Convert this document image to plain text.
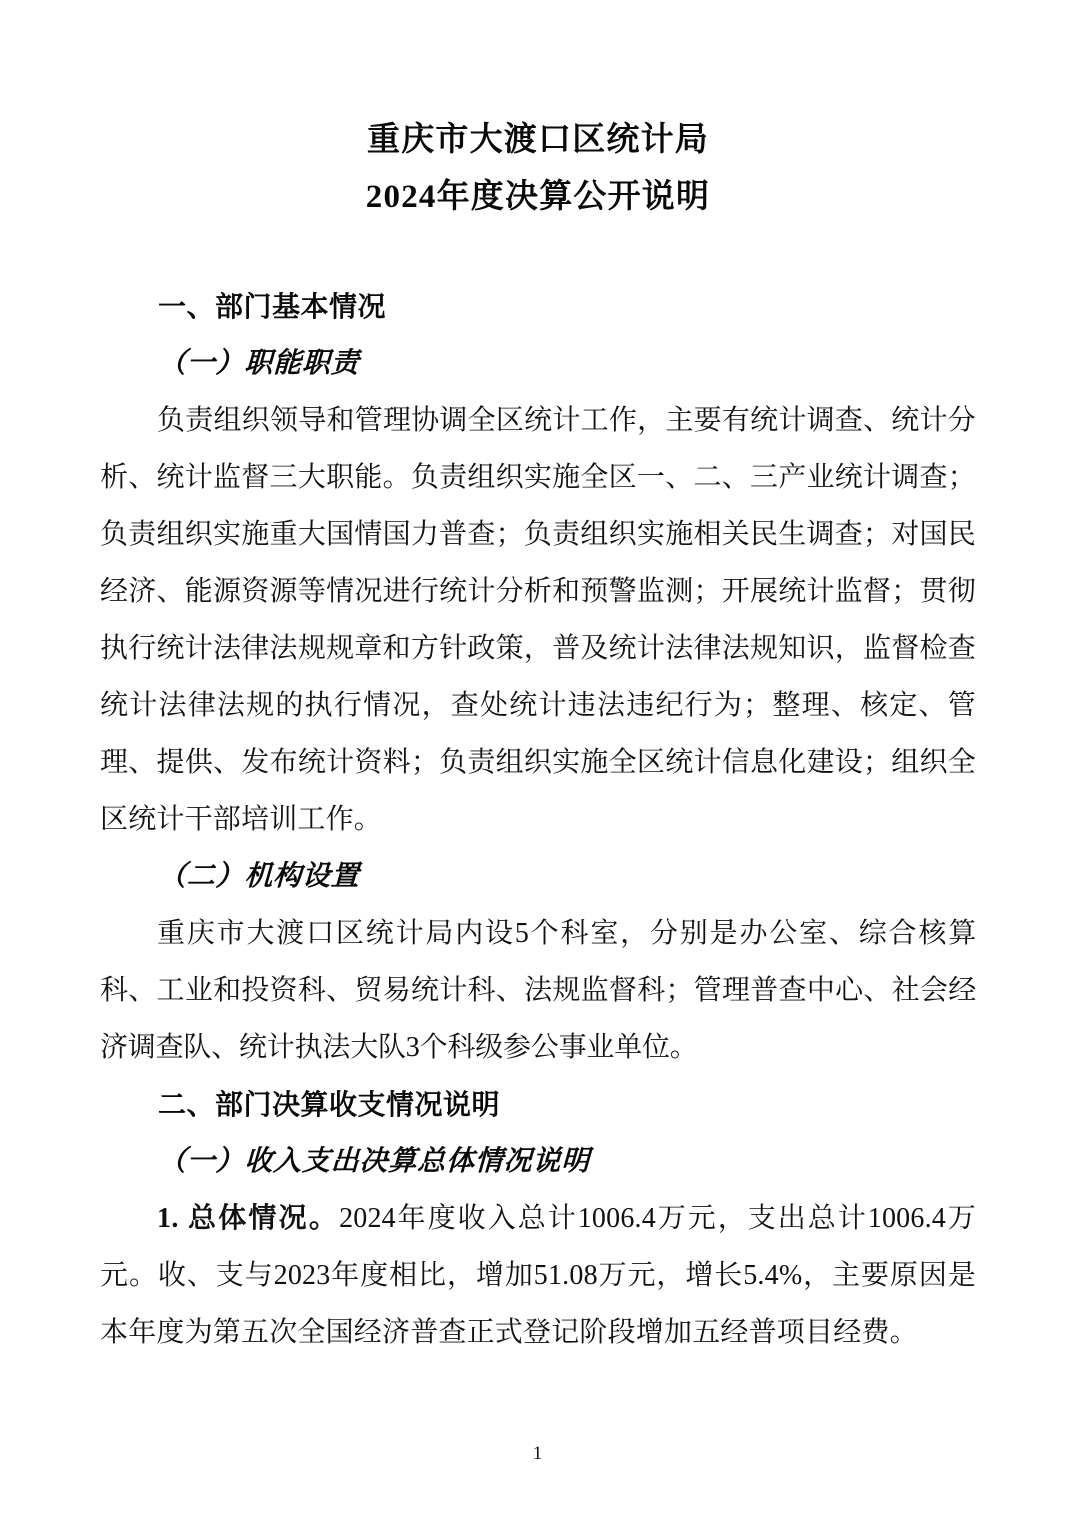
重庆市大渡口区统计局
2024年度决算公开说明
一、部门基本情况
（一）职能职责
负责组织领导和管理协调全区统计工作，主要有统计调查、统计分析、统计监督三大职能。负责组织实施全区一、二、三产业统计调查；负责组织实施重大国情国力普查；负责组织实施相关民生调查；对国民经济、能源资源等情况进行统计分析和预警监测；开展统计监督；贯彻执行统计法律法规规章和方针政策，普及统计法律法规知识，监督检查统计法律法规的执行情况，查处统计违法违纪行为；整理、核定、管理、提供、发布统计资料；负责组织实施全区统计信息化建设；组织全区统计干部培训工作。
（二）机构设置
重庆市大渡口区统计局内设5个科室，分别是办公室、综合核算科、工业和投资科、贸易统计科、法规监督科；管理普查中心、社会经济调查队、统计执法大队3个科级参公事业单位。
二、部门决算收支情况说明
（一）收入支出决算总体情况说明
1. 总体情况。2024年度收入总计1006.4万元，支出总计1006.4万元。收、支与2023年度相比，增加51.08万元，增长5.4%，主要原因是本年度为第五次全国经济普查正式登记阶段增加五经普项目经费。
1
